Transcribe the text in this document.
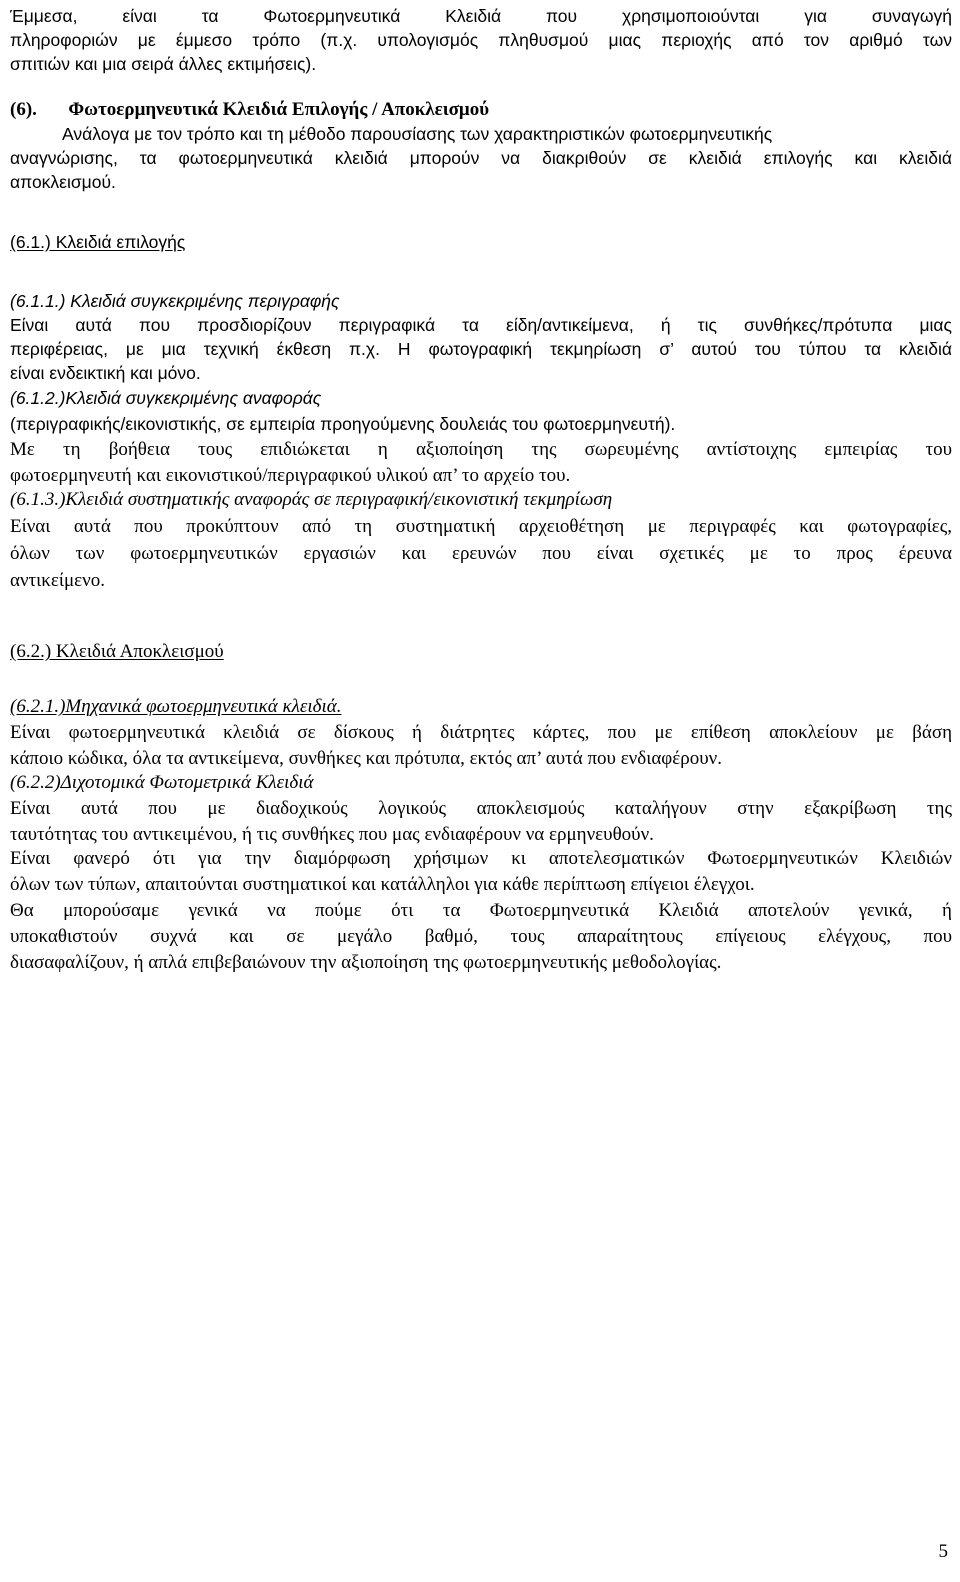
Έμμεσα, είναι τα Φωτοερμηνευτικά Κλειδιά που χρησιμοποιούνται για συναγωγή

πληροφοριών με έμμεσο τρόπο (π.χ. υπολογισμός πληθυσμού μιας περιοχής από τον αριθμό των

σπιτιών και μια σειρά άλλες εκτιμήσεις).

(6). Φωτοερμηνευτικά Κλειδιά Επιλογής / Αποκλεισμού

Ανάλογα με τον τρόπο και τη μέθοδο παρουσίασης των χαρακτηριστικών φωτοερμηνευτικής

αναγνώρισης, τα φωτοερμηνευτικά κλειδιά μπορούν να διακριθούν σε κλειδιά επιλογής και κλειδιά

αποκλεισμού.

(6.1.) Κλειδιά επιλογής

(6.1.1.) Κλειδιά συγκεκριμένης περιγραφής

Είναι αυτά που προσδιορίζουν περιγραφικά τα είδη/αντικείμενα, ή τις συνθήκες/πρότυπα μιας

περιφέρειας, με μια τεχνική έκθεση π.χ. Η φωτογραφική τεκμηρίωση σ’ αυτού του τύπου τα κλειδιά

είναι ενδεικτική και μόνο.

(6.1.2.)Κλειδιά συγκεκριμένης αναφοράς

(περιγραφικής/εικονιστικής, σε εμπειρία προηγούμενης δουλειάς του φωτοερμηνευτή).

Με τη βοήθεια τους επιδιώκεται η αξιοποίηση της σωρευμένης αντίστοιχης εμπειρίας του

φωτοερμηνευτή και εικονιστικού/περιγραφικού υλικού απ’ το αρχείο του.

(6.1.3.)Κλειδιά συστηματικής αναφοράς σε περιγραφική/εικονιστική τεκμηρίωση

Είναι αυτά που προκύπτουν από τη συστηματική αρχειοθέτηση με περιγραφές και φωτογραφίες,

όλων των φωτοερμηνευτικών εργασιών και ερευνών που είναι σχετικές με το προς έρευνα

αντικείμενο.

(6.2.) Κλειδιά Αποκλεισμού

(6.2.1.)Μηχανικά φωτοερμηνευτικά κλειδιά.

Είναι φωτοερμηνευτικά κλειδιά σε δίσκους ή διάτρητες κάρτες, που με επίθεση αποκλείουν με βάση

κάποιο κώδικα, όλα τα αντικείμενα, συνθήκες και πρότυπα, εκτός απ’ αυτά που ενδιαφέρουν.

(6.2.2)Διχοτομικά Φωτομετρικά Κλειδιά

Είναι αυτά που με διαδοχικούς λογικούς αποκλεισμούς καταλήγουν στην εξακρίβωση της

ταυτότητας του αντικειμένου, ή τις συνθήκες που μας ενδιαφέρουν να ερμηνευθούν.

Είναι φανερό ότι για την διαμόρφωση χρήσιμων κι αποτελεσματικών Φωτοερμηνευτικών Κλειδιών

όλων των τύπων, απαιτούνται συστηματικοί και κατάλληλοι για κάθε περίπτωση επίγειοι έλεγχοι.

Θα μπορούσαμε γενικά να πούμε ότι τα Φωτοερμηνευτικά Κλειδιά αποτελούν γενικά, ή

υποκαθιστούν συχνά και σε μεγάλο βαθμό, τους απαραίτητους επίγειους ελέγχους, που

διασαφαλίζουν, ή απλά επιβεβαιώνουν την αξιοποίηση της φωτοερμηνευτικής μεθοδολογίας.

5
